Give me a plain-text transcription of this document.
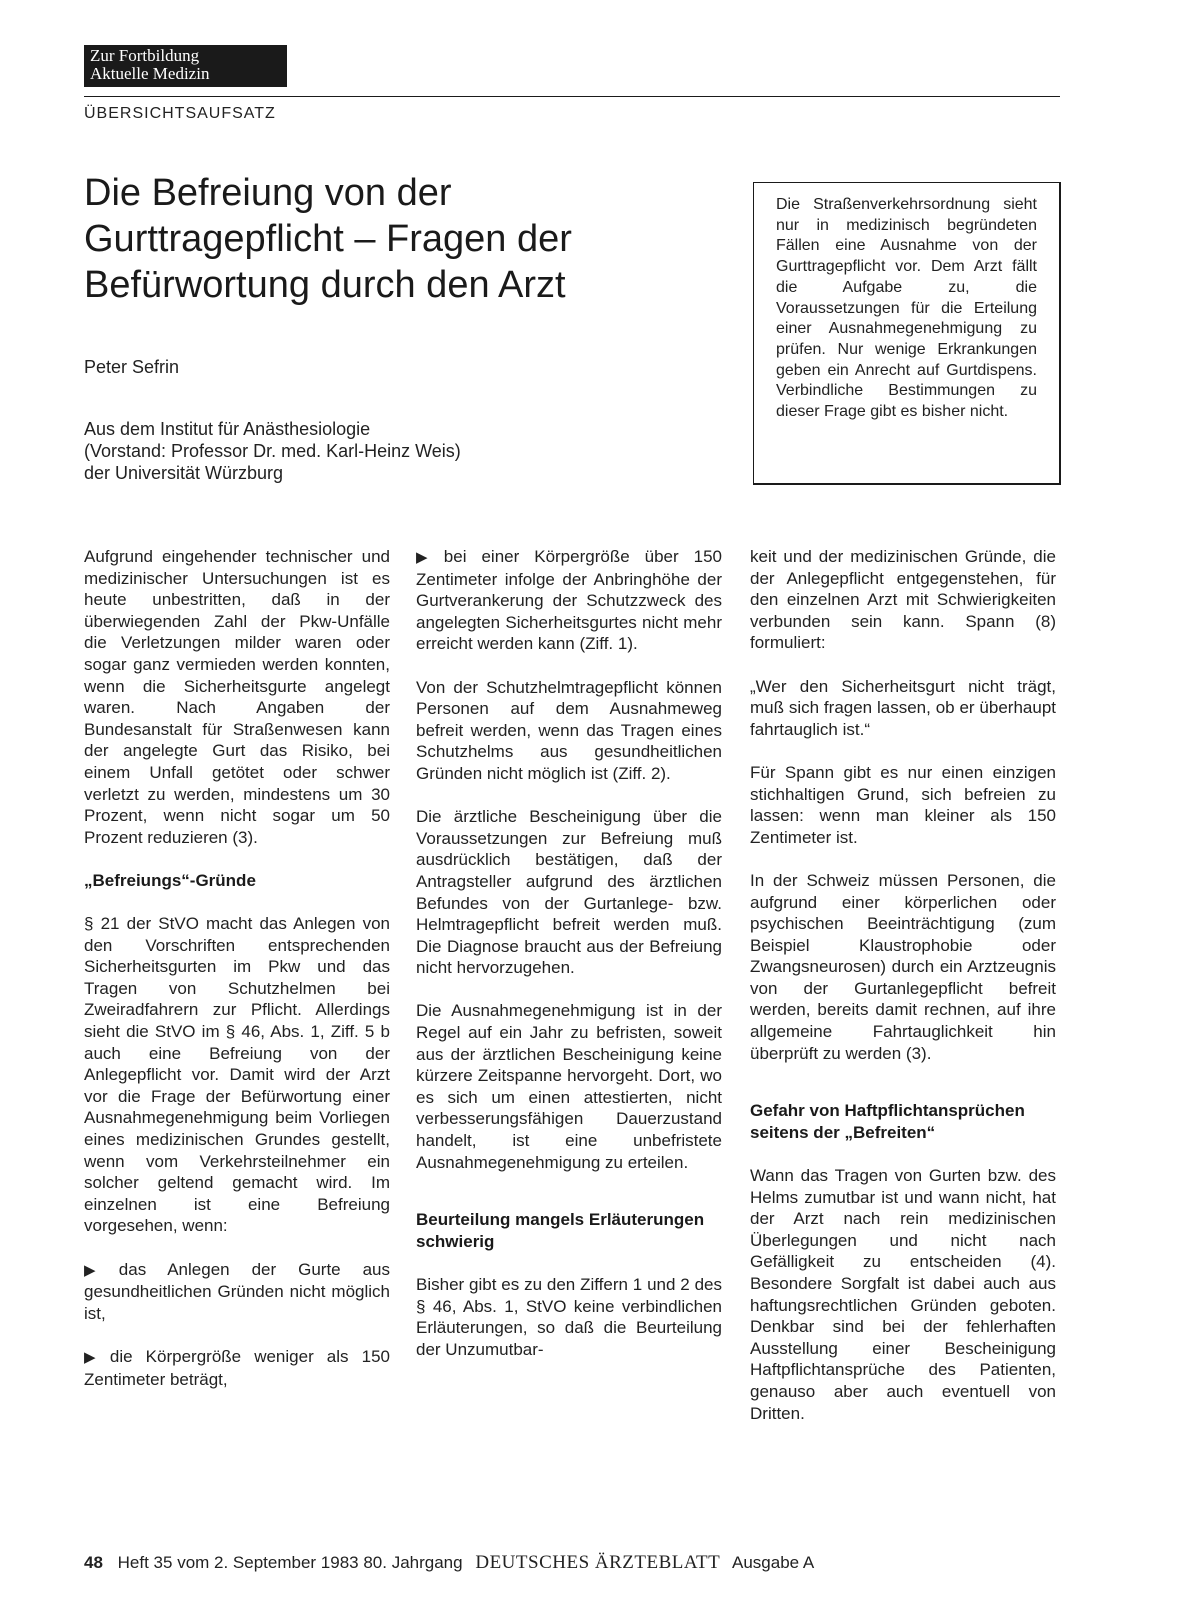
Zur Fortbildung
Aktuelle Medizin
ÜBERSICHTSAUFSATZ
Die Befreiung von der Gurttragepflicht – Fragen der Befürwortung durch den Arzt
Peter Sefrin
Aus dem Institut für Anästhesiologie
(Vorstand: Professor Dr. med. Karl-Heinz Weis)
der Universität Würzburg
Die Straßenverkehrsordnung sieht nur in medizinisch begründeten Fällen eine Ausnahme von der Gurttragepflicht vor. Dem Arzt fällt die Aufgabe zu, die Voraussetzungen für die Erteilung einer Ausnahmegenehmigung zu prüfen. Nur wenige Erkrankungen geben ein Anrecht auf Gurtdispens. Verbindliche Bestimmungen zu dieser Frage gibt es bisher nicht.

Aufgrund eingehender technischer und medizinischer Untersuchungen ist es heute unbestritten, daß in der überwiegenden Zahl der Pkw-Unfälle die Verletzungen milder waren oder sogar ganz vermieden werden konnten, wenn die Sicherheitsgurte angelegt waren. Nach Angaben der Bundesanstalt für Straßenwesen kann der angelegte Gurt das Risiko, bei einem Unfall getötet oder schwer verletzt zu werden, mindestens um 30 Prozent, wenn nicht sogar um 50 Prozent reduzieren (3).

„Befreiungs“-Gründe

§ 21 der StVO macht das Anlegen von den Vorschriften entsprechenden Sicherheitsgurten im Pkw und das Tragen von Schutzhelmen bei Zweiradfahrern zur Pflicht. Allerdings sieht die StVO im § 46, Abs. 1, Ziff. 5 b auch eine Befreiung von der Anlegepflicht vor. Damit wird der Arzt vor die Frage der Befürwortung einer Ausnahmegenehmigung beim Vorliegen eines medizinischen Grundes gestellt, wenn vom Verkehrsteilnehmer ein solcher geltend gemacht wird. Im einzelnen ist eine Befreiung vorgesehen, wenn:

▶ das Anlegen der Gurte aus gesundheitlichen Gründen nicht möglich ist,

▶ die Körpergröße weniger als 150 Zentimeter beträgt,

▶ bei einer Körpergröße über 150 Zentimeter infolge der Anbringhöhe der Gurtverankerung der Schutzzweck des angelegten Sicherheitsgurtes nicht mehr erreicht werden kann (Ziff. 1).

Von der Schutzhelmtragepflicht können Personen auf dem Ausnahmeweg befreit werden, wenn das Tragen eines Schutzhelms aus gesundheitlichen Gründen nicht möglich ist (Ziff. 2).

Die ärztliche Bescheinigung über die Voraussetzungen zur Befreiung muß ausdrücklich bestätigen, daß der Antragsteller aufgrund des ärztlichen Befundes von der Gurtanlege- bzw. Helmtragepflicht befreit werden muß. Die Diagnose braucht aus der Befreiung nicht hervorzugehen.

Die Ausnahmegenehmigung ist in der Regel auf ein Jahr zu befristen, soweit aus der ärztlichen Bescheinigung keine kürzere Zeitspanne hervorgeht. Dort, wo es sich um einen attestierten, nicht verbesserungsfähigen Dauerzustand handelt, ist eine unbefristete Ausnahmegenehmigung zu erteilen.

Beurteilung mangels Erläuterungen schwierig

Bisher gibt es zu den Ziffern 1 und 2 des § 46, Abs. 1, StVO keine verbindlichen Erläuterungen, so daß die Beurteilung der Unzumutbar-

keit und der medizinischen Gründe, die der Anlegepflicht entgegenstehen, für den einzelnen Arzt mit Schwierigkeiten verbunden sein kann. Spann (8) formuliert:

„Wer den Sicherheitsgurt nicht trägt, muß sich fragen lassen, ob er überhaupt fahrtauglich ist.“

Für Spann gibt es nur einen einzigen stichhaltigen Grund, sich befreien zu lassen: wenn man kleiner als 150 Zentimeter ist.

In der Schweiz müssen Personen, die aufgrund einer körperlichen oder psychischen Beeinträchtigung (zum Beispiel Klaustrophobie oder Zwangsneurosen) durch ein Arztzeugnis von der Gurtanlegepflicht befreit werden, bereits damit rechnen, auf ihre allgemeine Fahrtauglichkeit hin überprüft zu werden (3).

Gefahr von Haftpflichtansprüchen seitens der „Befreiten“

Wann das Tragen von Gurten bzw. des Helms zumutbar ist und wann nicht, hat der Arzt nach rein medizinischen Überlegungen und nicht nach Gefälligkeit zu entscheiden (4). Besondere Sorgfalt ist dabei auch aus haftungsrechtlichen Gründen geboten. Denkbar sind bei der fehlerhaften Ausstellung einer Bescheinigung Haftpflichtansprüche des Patienten, genauso aber auch eventuell von Dritten.

48 Heft 35 vom 2. September 1983 80. Jahrgang DEUTSCHES ÄRZTEBLATT Ausgabe A
